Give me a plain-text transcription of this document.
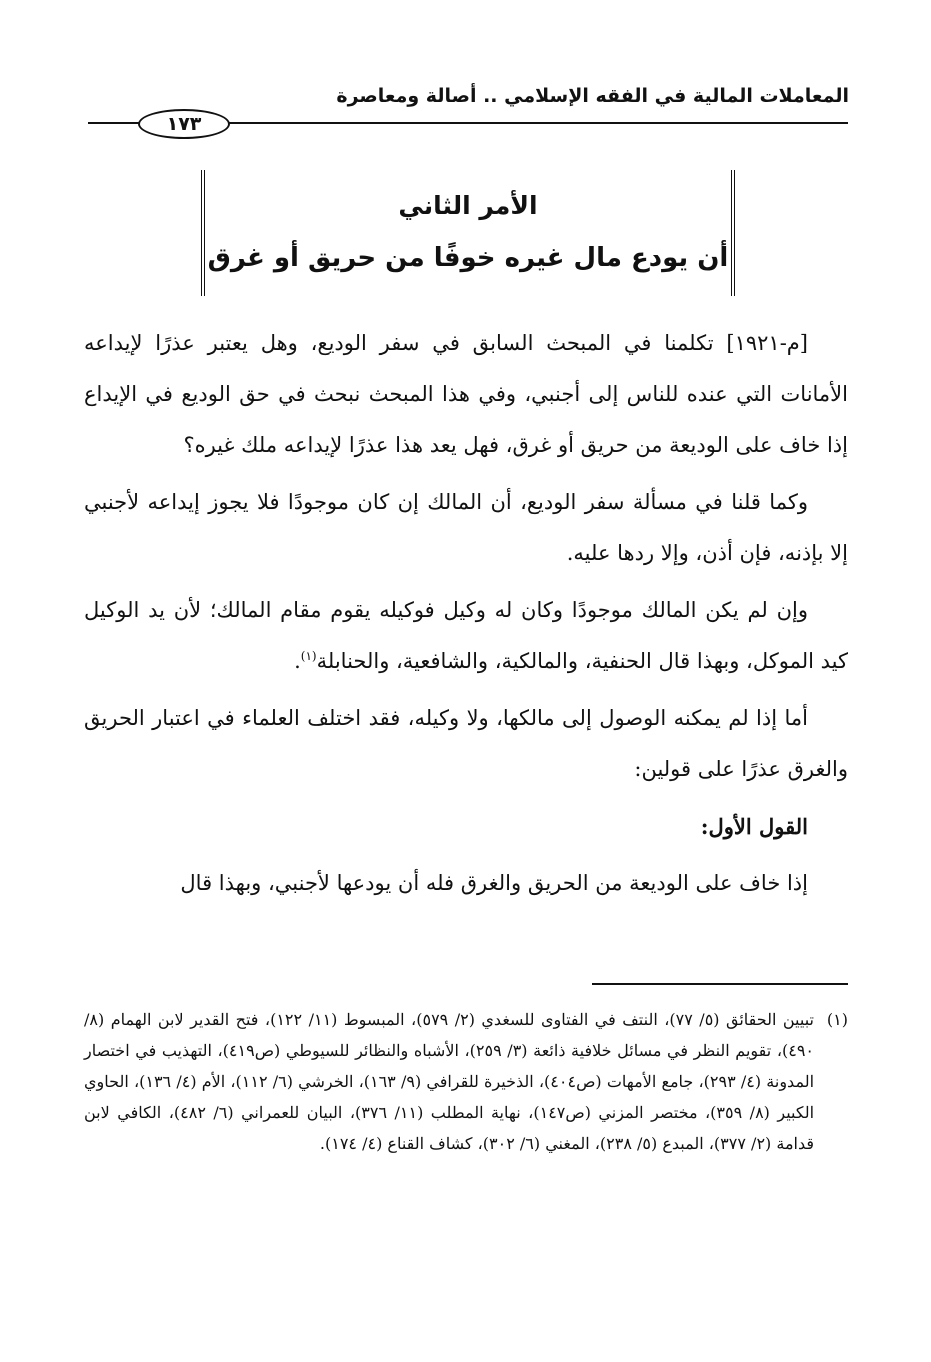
المعاملات المالية في الفقه الإسلامي .. أصالة ومعاصرة
١٧٣
الأمر الثاني
أن يودع مال غيره خوفًا من حريق أو غرق

[م-١٩٢١] تكلمنا في المبحث السابق في سفر الوديع، وهل يعتبر عذرًا لإيداعه الأمانات التي عنده للناس إلى أجنبي، وفي هذا المبحث نبحث في حق الوديع في الإيداع إذا خاف على الوديعة من حريق أو غرق، فهل يعد هذا عذرًا لإيداعه ملك غيره؟

وكما قلنا في مسألة سفر الوديع، أن المالك إن كان موجودًا فلا يجوز إيداعه لأجنبي إلا بإذنه، فإن أذن، وإلا ردها عليه.

وإن لم يكن المالك موجودًا وكان له وكيل فوكيله يقوم مقام المالك؛ لأن يد الوكيل كيد الموكل، وبهذا قال الحنفية، والمالكية، والشافعية، والحنابلة$^{(١)}$.

أما إذا لم يمكنه الوصول إلى مالكها، ولا وكيله، فقد اختلف العلماء في اعتبار الحريق والغرق عذرًا على قولين:

القول الأول:

إذا خاف على الوديعة من الحريق والغرق فله أن يودعها لأجنبي، وبهذا قال

(١)
تبيين الحقائق (٥/ ٧٧)، النتف في الفتاوى للسغدي (٢/ ٥٧٩)، المبسوط (١١/ ١٢٢)، فتح القدير لابن الهمام (٨/ ٤٩٠)، تقويم النظر في مسائل خلافية ذائعة (٣/ ٢٥٩)، الأشباه والنظائر للسيوطي (ص٤١٩)، التهذيب في اختصار المدونة (٤/ ٢٩٣)، جامع الأمهات (ص٤٠٤)، الذخيرة للقرافي (٩/ ١٦٣)، الخرشي (٦/ ١١٢)، الأم (٤/ ١٣٦)، الحاوي الكبير (٨/ ٣٥٩)، مختصر المزني (ص١٤٧)، نهاية المطلب (١١/ ٣٧٦)، البيان للعمراني (٦/ ٤٨٢)، الكافي لابن قدامة (٢/ ٣٧٧)، المبدع (٥/ ٢٣٨)، المغني (٦/ ٣٠٢)، كشاف القناع (٤/ ١٧٤).
